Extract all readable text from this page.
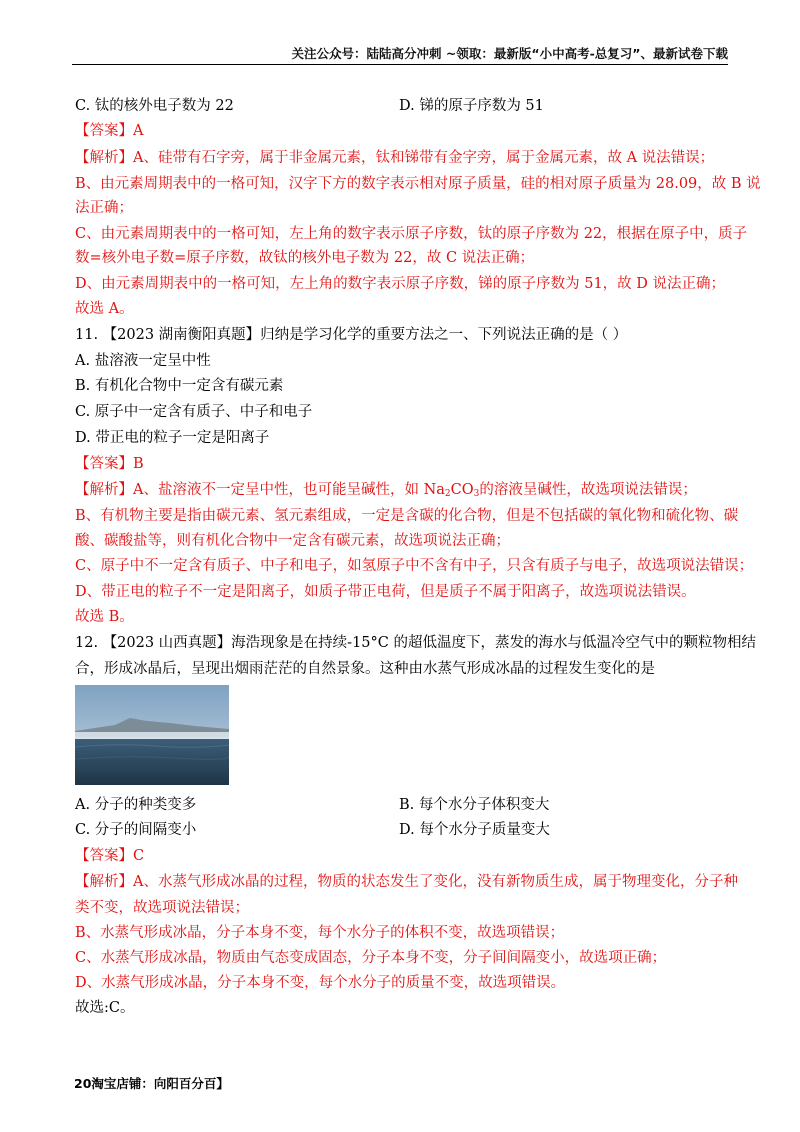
关注公众号：陆陆高分冲刺 ~领取：最新版“小中高考-总复习”、最新试卷下载
C. 钛的核外电子数为 22	D. 锑的原子序数为 51
【答案】A
【解析】A、硅带有石字旁，属于非金属元素，钛和锑带有金字旁，属于金属元素，故 A 说法错误；
B、由元素周期表中的一格可知，汉字下方的数字表示相对原子质量，硅的相对原子质量为 28.09，故 B 说
法正确；
C、由元素周期表中的一格可知，左上角的数字表示原子序数，钛的原子序数为 22，根据在原子中，质子
数=核外电子数=原子序数，故钛的核外电子数为 22，故 C 说法正确；
D、由元素周期表中的一格可知，左上角的数字表示原子序数，锑的原子序数为 51，故 D 说法正确；
故选 A。
11. 【2023 湖南衡阳真题】归纳是学习化学的重要方法之一、下列说法正确的是（ ）
A. 盐溶液一定呈中性
B. 有机化合物中一定含有碳元素
C. 原子中一定含有质子、中子和电子
D. 带正电的粒子一定是阳离子
【答案】B
【解析】A、盐溶液不一定呈中性，也可能呈碱性，如 $Na_2CO_3$的溶液呈碱性，故选项说法错误；
B、有机物主要是指由碳元素、氢元素组成，一定是含碳的化合物，但是不包括碳的氧化物和硫化物、碳
酸、碳酸盐等，则有机化合物中一定含有碳元素，故选项说法正确；
C、原子中不一定含有质子、中子和电子，如氢原子中不含有中子，只含有质子与电子，故选项说法错误；
D、带正电的粒子不一定是阳离子，如质子带正电荷，但是质子不属于阳离子，故选项说法错误。
故选 B。
12. 【2023 山西真题】海浩现象是在持续-15°C 的超低温度下，蒸发的海水与低温冷空气中的颗粒物相结
合，形成冰晶后，呈现出烟雨茫茫的自然景象。这种由水蒸气形成冰晶的过程发生变化的是
A. 分子的种类变多	B. 每个水分子体积变大
C. 分子的间隔变小	D. 每个水分子质量变大
【答案】C
【解析】A、水蒸气形成冰晶的过程，物质的状态发生了变化，没有新物质生成，属于物理变化，分子种
类不变，故选项说法错误；
B、水蒸气形成冰晶，分子本身不变，每个水分子的体积不变，故选项错误；
C、水蒸气形成冰晶，物质由气态变成固态，分子本身不变，分子间间隔变小，故选项正确；
D、水蒸气形成冰晶，分子本身不变，每个水分子的质量不变，故选项错误。
故选:C。
20淘宝店铺：向阳百分百】
